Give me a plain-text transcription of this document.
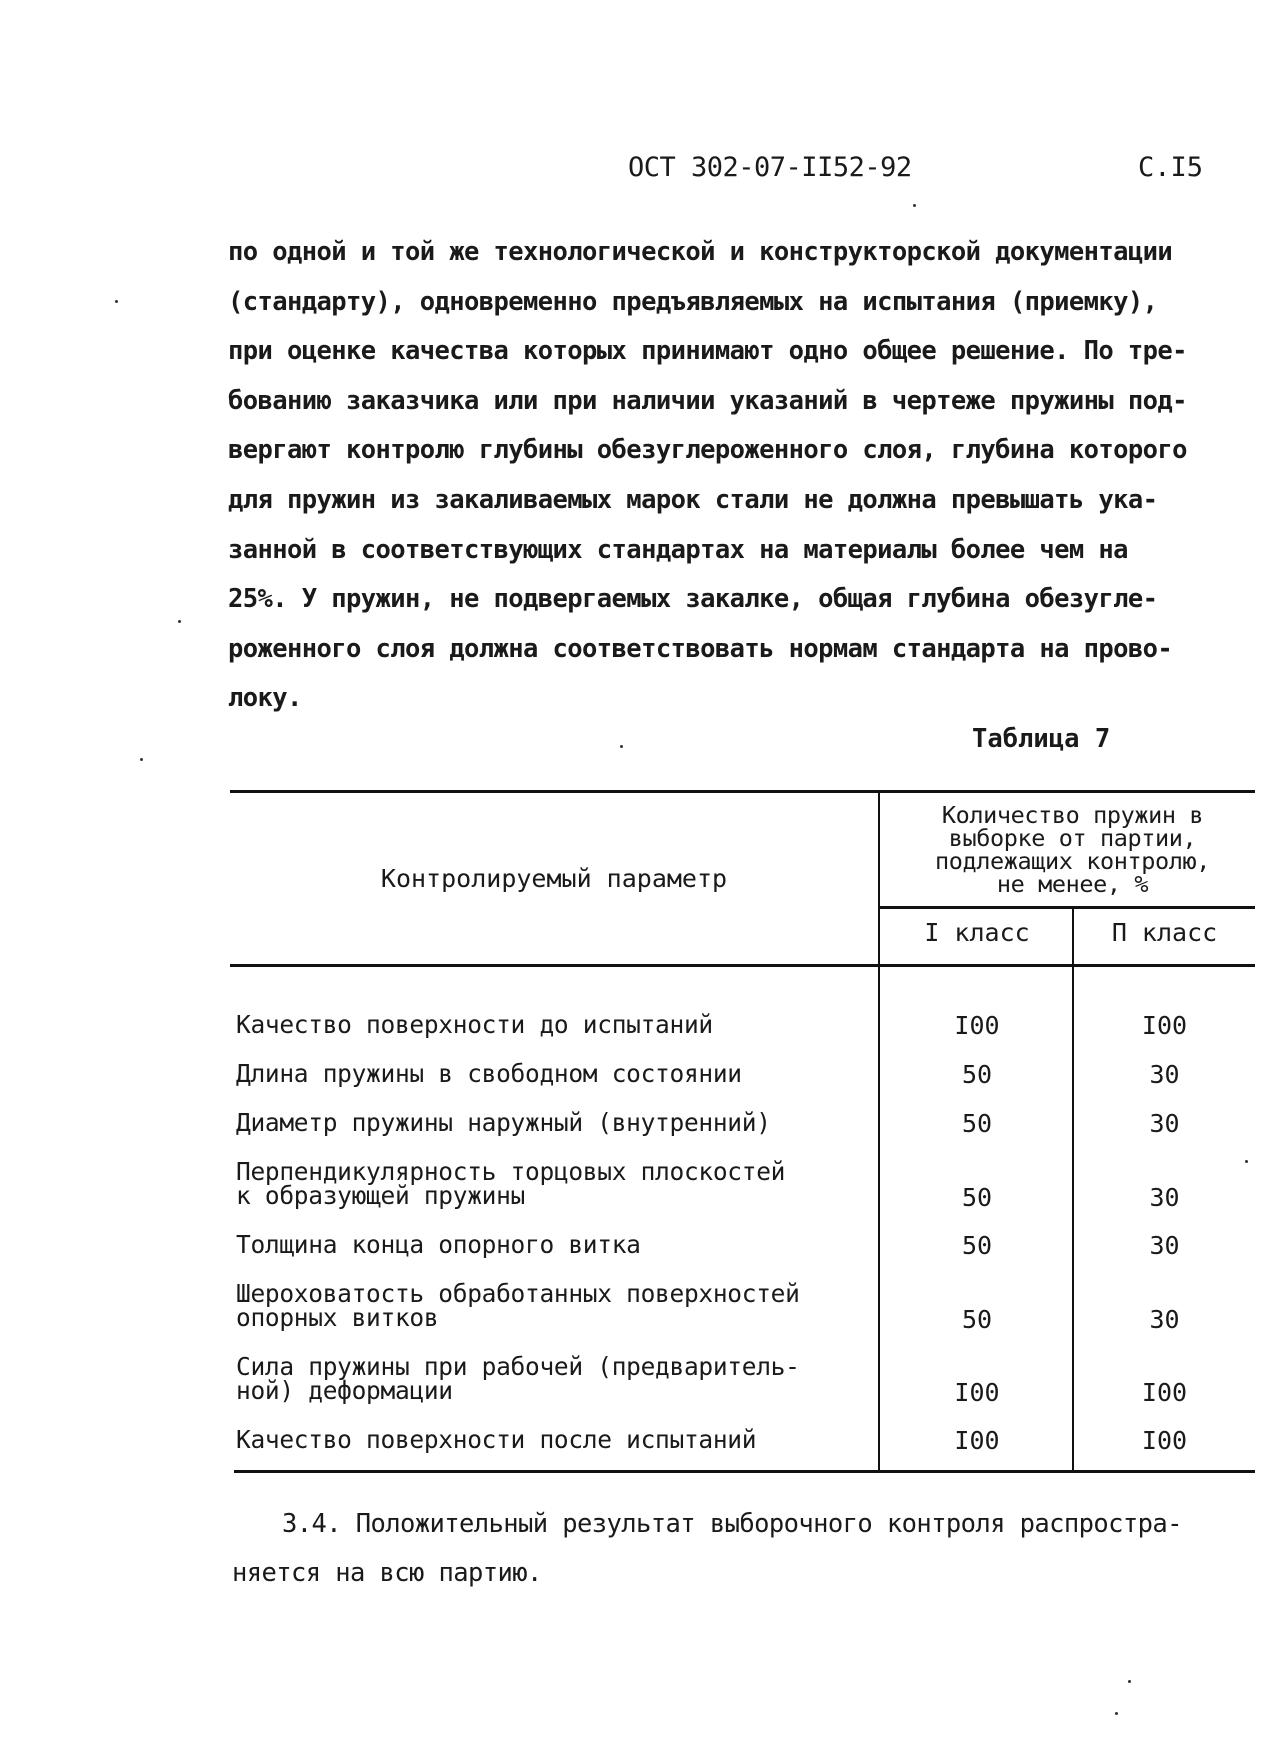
ОСТ 302-07-II52-92	С.I5
по одной и той же технологической и конструкторской документации
(стандарту), одновременно предъявляемых на испытания (приемку),
при оценке качества которых принимают одно общее решение. По тре-
бованию заказчика или при наличии указаний в чертеже пружины под-
вергают контролю глубины обезуглероженного слоя, глубина которого
для пружин из закаливаемых марок стали не должна превышать ука-
занной в соответствующих стандартах на материалы более чем на
25%. У пружин, не подвергаемых закалке, общая глубина обезугле-
роженного слоя должна соответствовать нормам стандарта на прово-
локу.
Таблица 7
Контролируемый параметр
Количество пружин в
выборке от партии,
подлежащих контролю,
не менее, %
I класс	П класс
Качество поверхности до испытаний	I00	I00
Длина пружины в свободном состоянии	50	30
Диаметр пружины наружный (внутренний)	50	30
Перпендикулярность торцовых плоскостей
к образующей пружины	50	30
Толщина конца опорного витка	50	30
Шероховатость обработанных поверхностей
опорных витков	50	30
Сила пружины при рабочей (предваритель-
ной) деформации	I00	I00
Качество поверхности после испытаний	I00	I00
3.4. Положительный результат выборочного контроля распростра-
няется на всю партию.
